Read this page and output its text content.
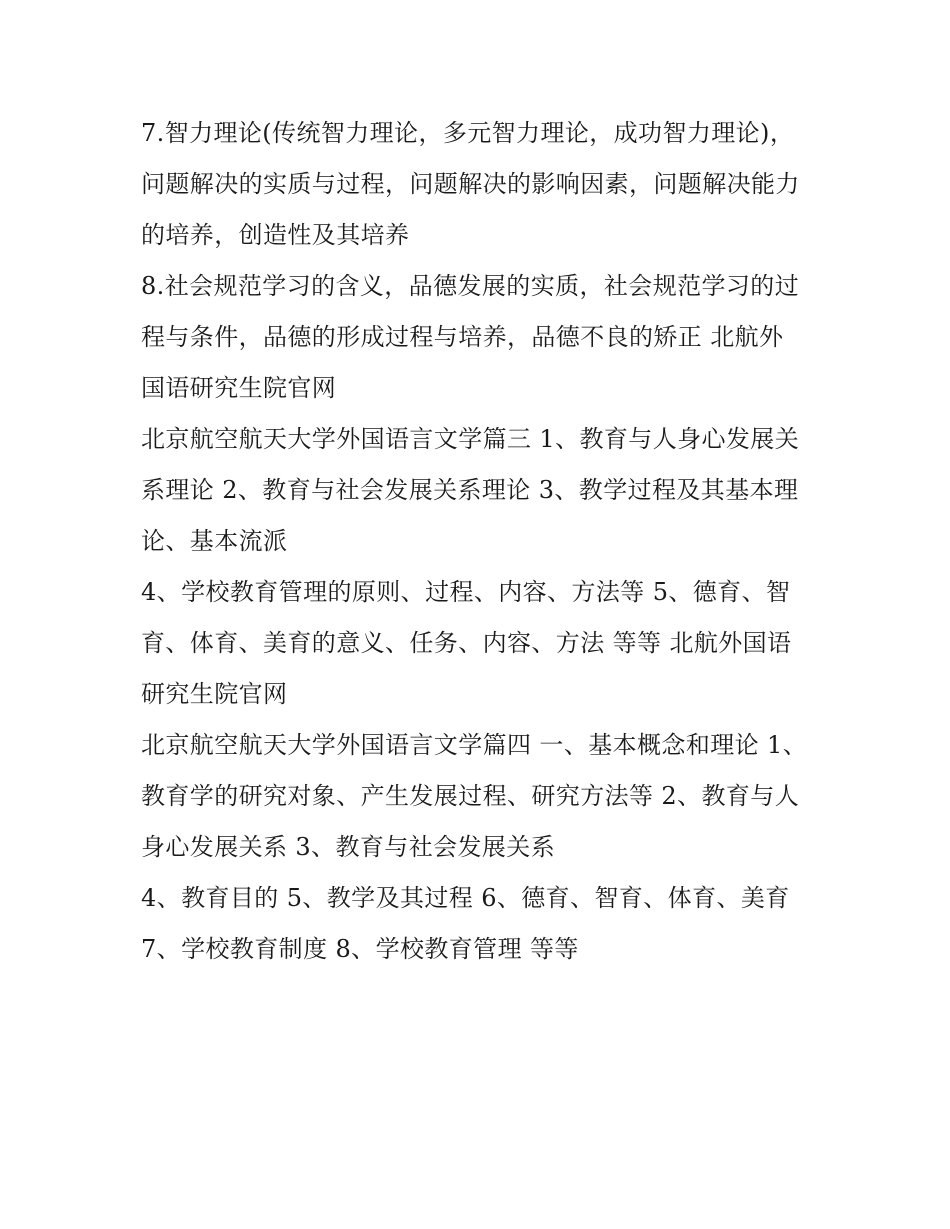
7.智力理论(传统智力理论，多元智力理论，成功智力理论)，
问题解决的实质与过程，问题解决的影响因素，问题解决能力
的培养，创造性及其培养
8.社会规范学习的含义，品德发展的实质，社会规范学习的过
程与条件，品德的形成过程与培养，品德不良的矫正 北航外
国语研究生院官网
北京航空航天大学外国语言文学篇三 1、教育与人身心发展关
系理论 2、教育与社会发展关系理论 3、教学过程及其基本理
论、基本流派
4、学校教育管理的原则、过程、内容、方法等 5、德育、智
育、体育、美育的意义、任务、内容、方法 等等 北航外国语
研究生院官网
北京航空航天大学外国语言文学篇四 一、基本概念和理论 1、
教育学的研究对象、产生发展过程、研究方法等 2、教育与人
身心发展关系 3、教育与社会发展关系
4、教育目的 5、教学及其过程 6、德育、智育、体育、美育
7、学校教育制度 8、学校教育管理 等等
